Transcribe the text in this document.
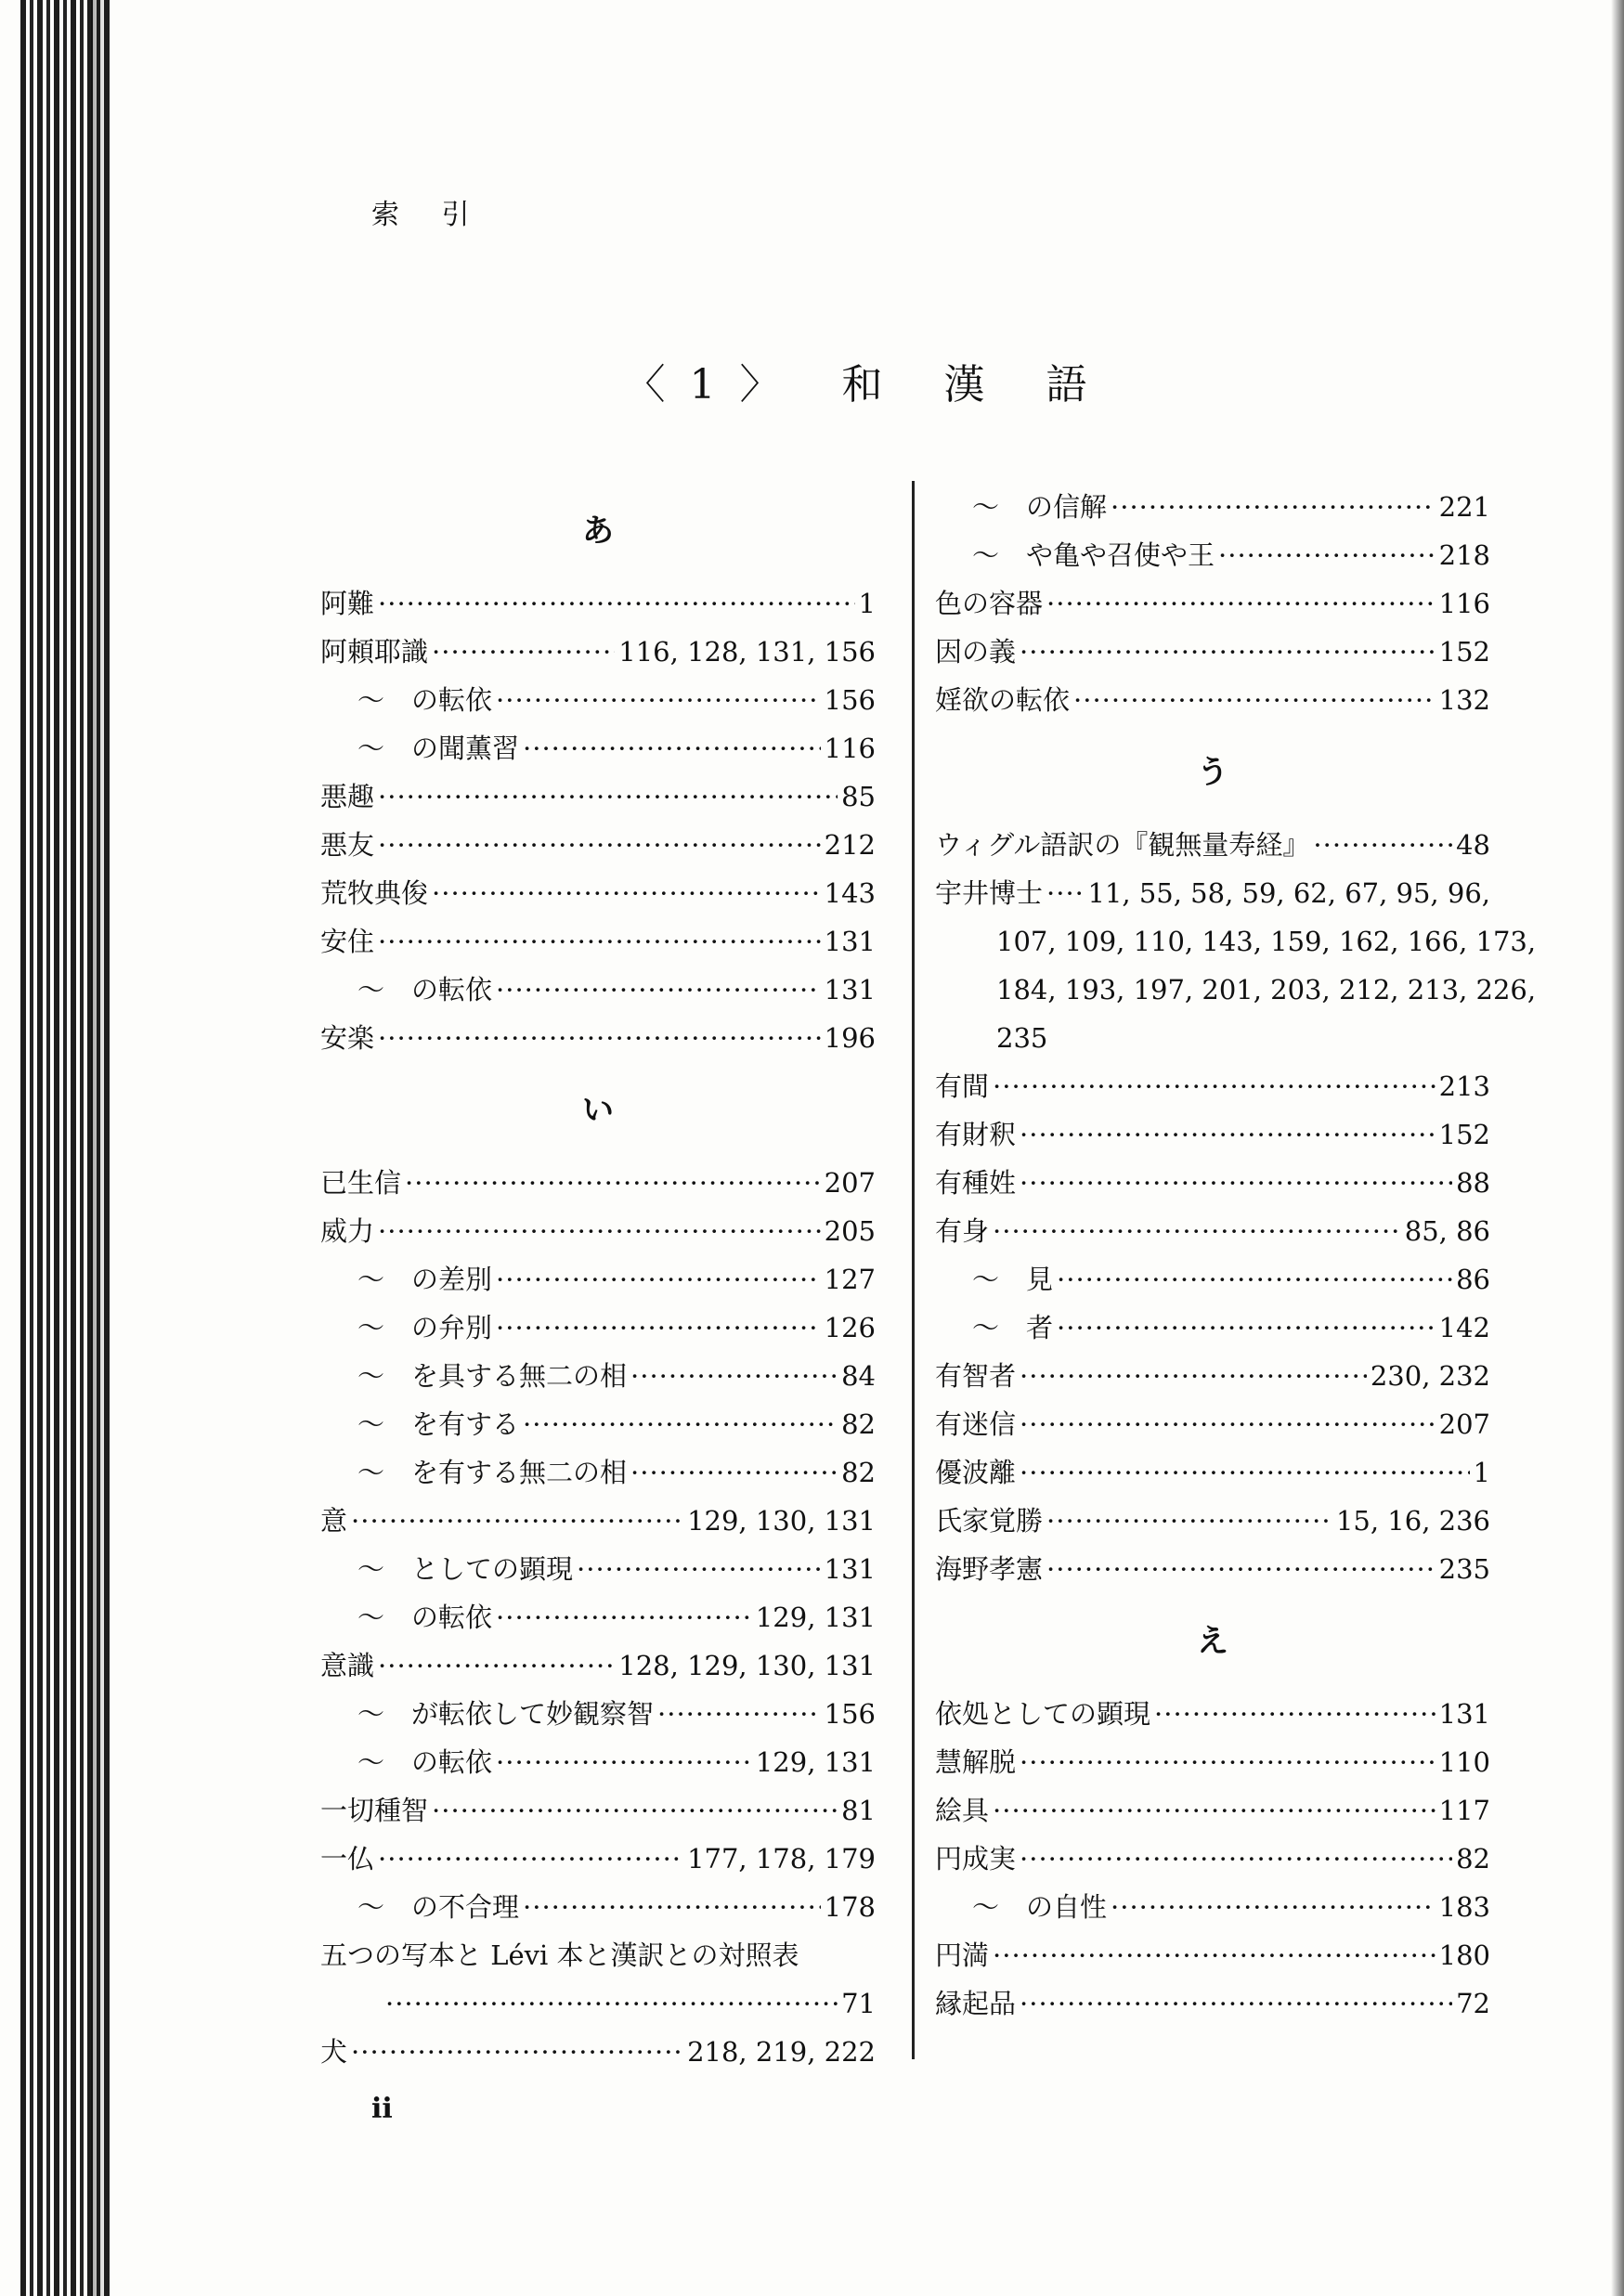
索 引
〈1〉 和 漢 語
あ
阿難 ·····	1
阿頼耶識 ·····	116, 128, 131, 156
〜　の転依 ·····	156
〜　の聞薫習 ·····	116
悪趣 ·····	85
悪友 ·····	212
荒牧典俊 ·····	143
安住 ·····	131
〜　の転依 ·····	131
安楽 ·····	196
い
已生信 ·····	207
威力 ·····	205
〜　の差別 ·····	127
〜　の弁別 ·····	126
〜　を具する無二の相 ·····	84
〜　を有する ·····	82
〜　を有する無二の相 ·····	82
意 ·····	129, 130, 131
〜　としての顕現 ·····	131
〜　の転依 ·····	129, 131
意識 ·····	128, 129, 130, 131
〜　が転依して妙観察智 ·····	156
〜　の転依 ·····	129, 131
一切種智 ·····	81
一仏 ·····	177, 178, 179
〜　の不合理 ·····	178
五つの写本と Lévi 本と漢訳との対照表
·····
71
犬 ·····	218, 219, 222
〜　の信解 ·····	221
〜　や亀や召使や王 ·····	218
色の容器 ·····	116
因の義 ·····	152
婬欲の転依 ·····	132
う
ウィグル語訳の『観無量寿経』 ·····	48
宇井博士 ····· 11, 55, 58, 59, 62, 67, 95, 96,
107, 109, 110, 143, 159, 162, 166, 173,
184, 193, 197, 201, 203, 212, 213, 226,
235
有間 ·····	213
有財釈 ·····	152
有種姓 ·····	88
有身 ·····	85, 86
〜　見 ·····	86
〜　者 ·····	142
有智者 ·····	230, 232
有迷信 ·····	207
優波離 ·····	1
氏家覚勝 ·····	15, 16, 236
海野孝憲 ·····	235
え
依処としての顕現 ·····	131
慧解脱 ·····	110
絵具 ·····	117
円成実 ·····	82
〜　の自性 ·····	183
円満 ·····	180
縁起品 ·····	72
ii
